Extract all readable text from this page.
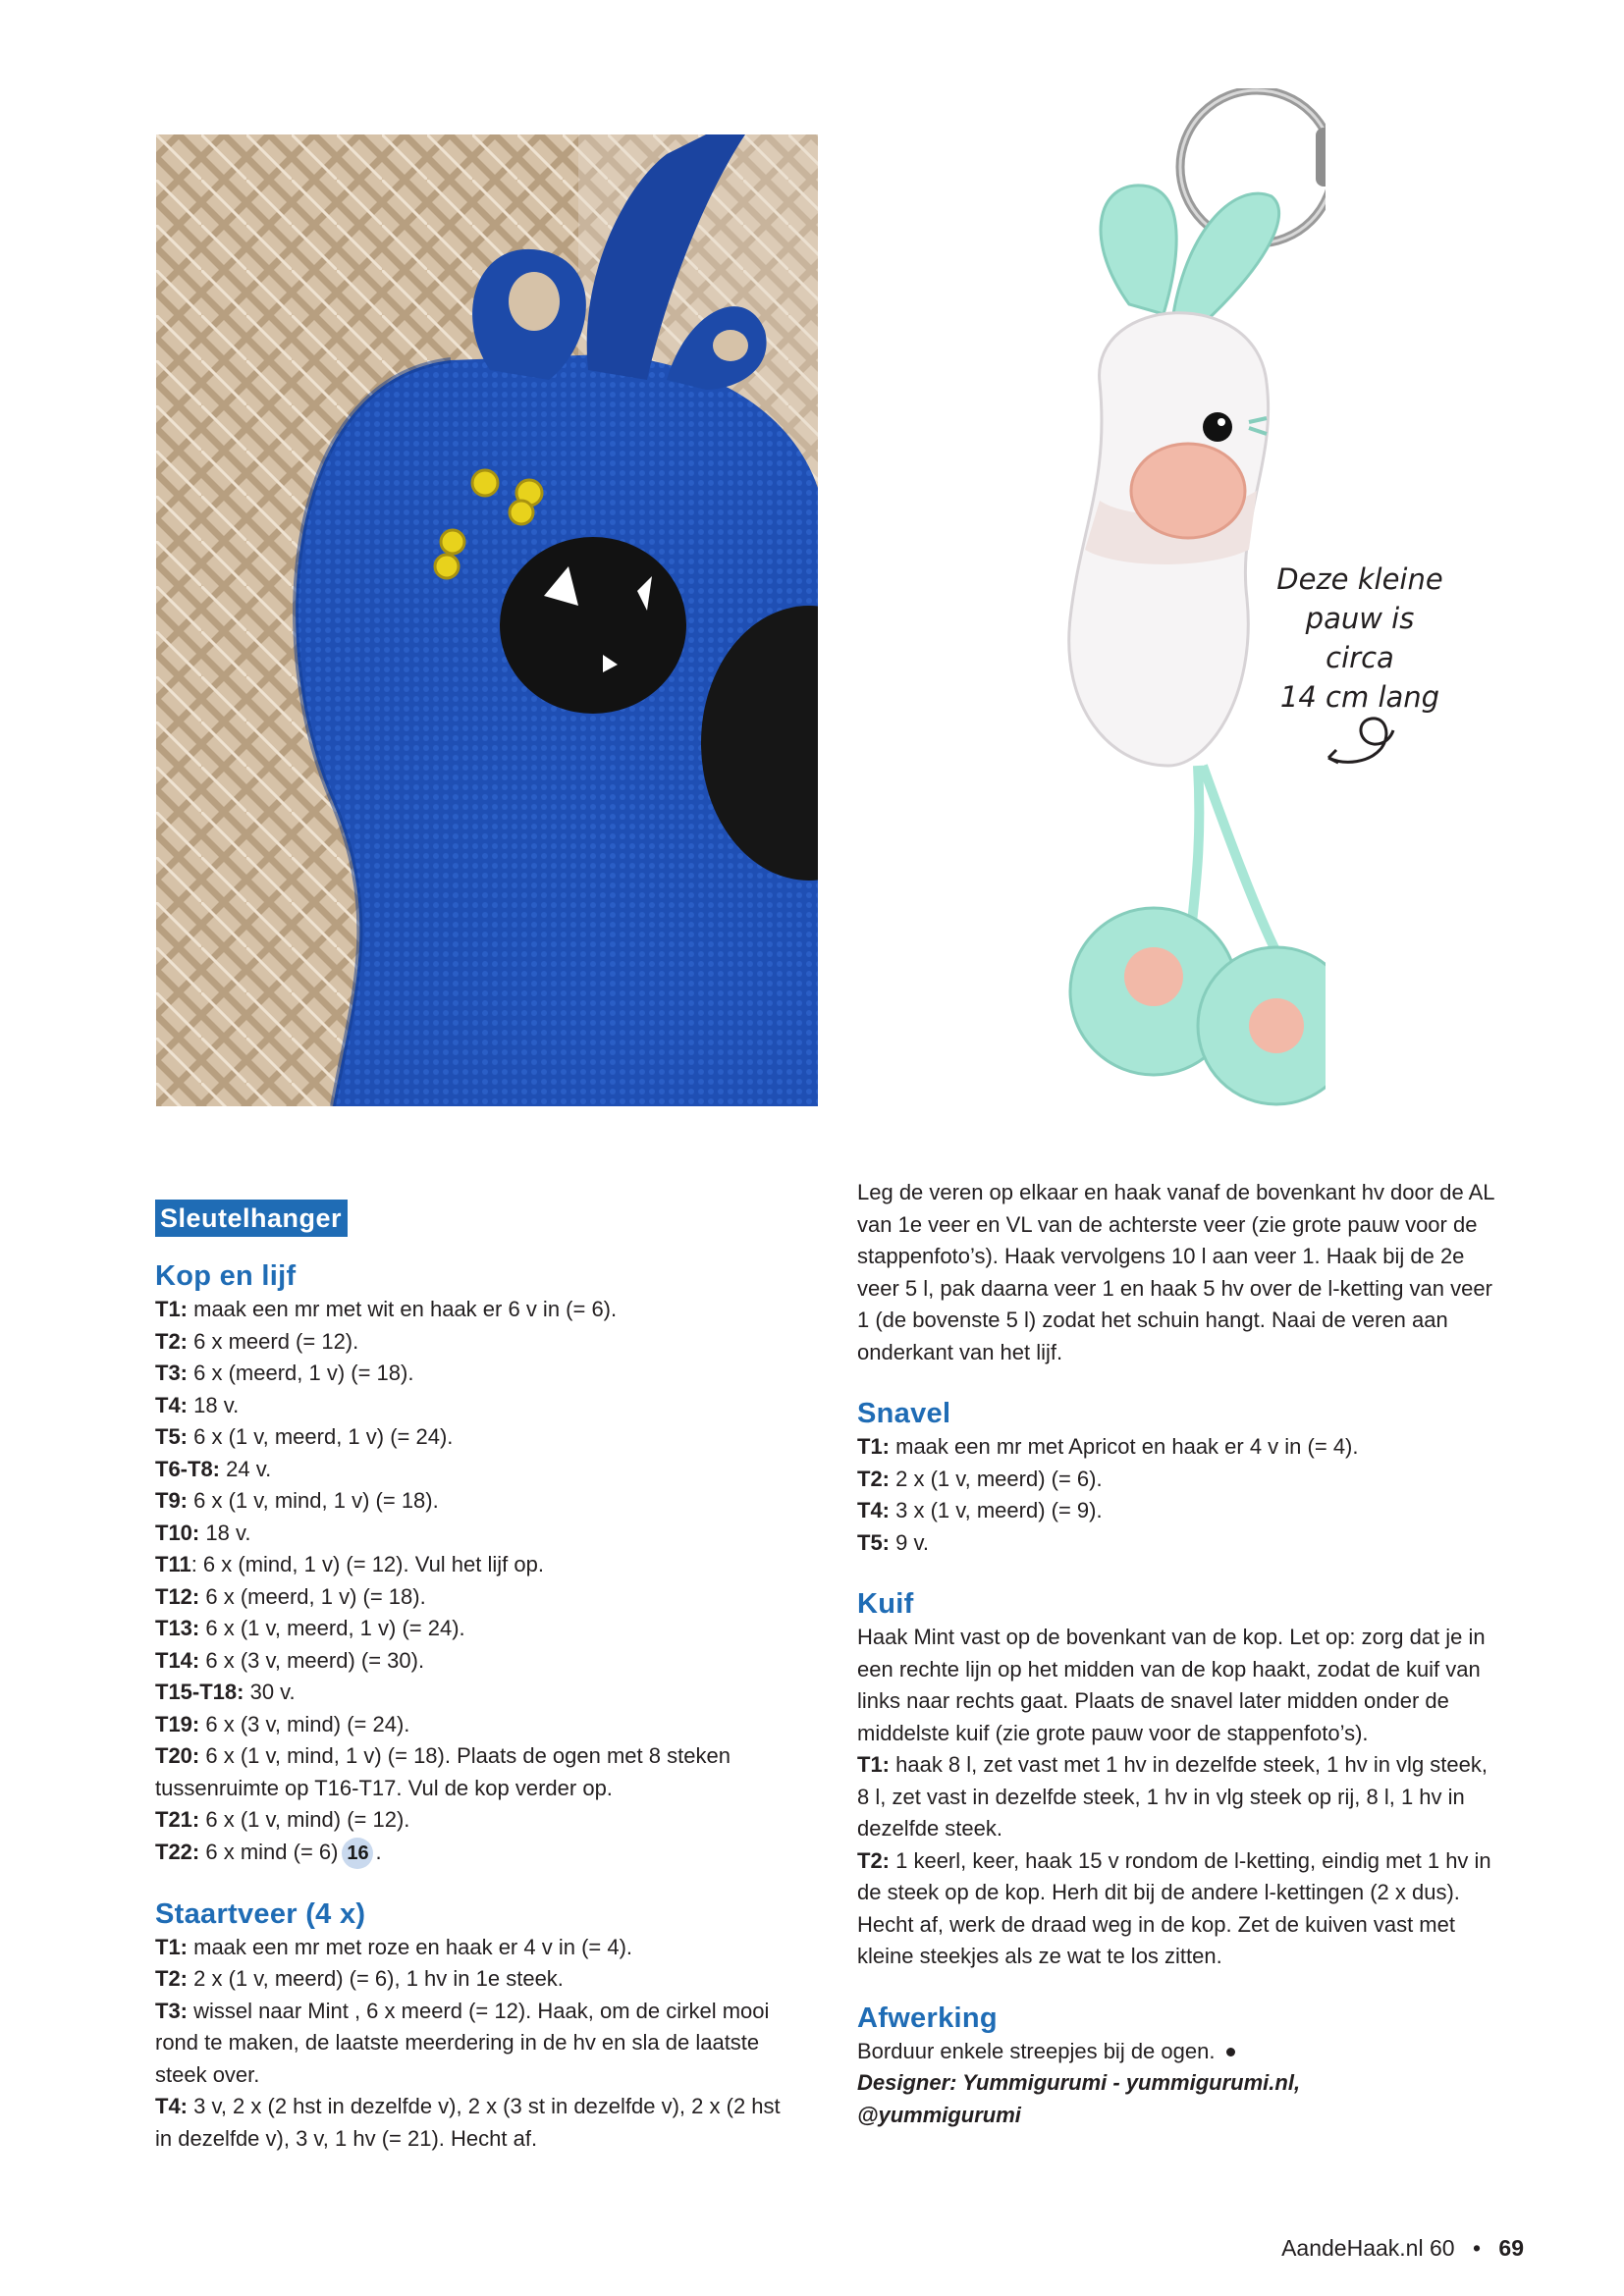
Deze kleine
pauw is circa
14 cm lang
Sleutelhanger
Kop en lijf

T1: maak een mr met wit en haak er 6 v in (= 6).

T2: 6 x meerd (= 12).

T3: 6 x (meerd, 1 v) (= 18).

T4: 18 v.

T5: 6 x (1 v, meerd, 1 v) (= 24).

T6-T8: 24 v.

T9: 6 x (1 v, mind, 1 v) (= 18).

T10: 18 v.

T11: 6 x (mind, 1 v) (= 12). Vul het lijf op.

T12: 6 x (meerd, 1 v) (= 18).

T13: 6 x (1 v, meerd, 1 v) (= 24).

T14: 6 x (3 v, meerd) (= 30).

T15-T18: 30 v.

T19: 6 x (3 v, mind) (= 24).

T20: 6 x (1 v, mind, 1 v) (= 18). Plaats de ogen met 8 steken tussenruimte op T16-T17. Vul de kop verder op.

T21: 6 x (1 v, mind) (= 12).

T22: 6 x mind (= 6) 16 .

Staartveer (4 x)

T1: maak een mr met roze en haak er 4 v in (= 4).

T2: 2 x (1 v, meerd) (= 6), 1 hv in 1e steek.

T3: wissel naar Mint , 6 x meerd (= 12). Haak, om de cirkel mooi rond te maken, de laatste meerdering in de hv en sla de laatste steek over.

T4: 3 v, 2 x (2 hst in dezelfde v), 2 x (3 st in dezelfde v), 2 x (2 hst in dezelfde v), 3 v, 1 hv (= 21). Hecht af.

Leg de veren op elkaar en haak vanaf de bovenkant hv door de AL van 1e veer en VL van de achterste veer (zie grote pauw voor de stappenfoto’s). Haak vervolgens 10 l aan veer 1. Haak bij de 2e veer 5 l, pak daarna veer 1 en haak 5 hv over de l-ketting van veer 1 (de bovenste 5 l) zodat het schuin hangt. Naai de veren aan onderkant van het lijf.

Snavel

T1: maak een mr met Apricot en haak er 4 v in (= 4).

T2: 2 x (1 v, meerd) (= 6).

T4: 3 x (1 v, meerd) (= 9).

T5: 9 v.

Kuif

Haak Mint vast op de bovenkant van de kop. Let op: zorg dat je in een rechte lijn op het midden van de kop haakt, zodat de kuif van links naar rechts gaat. Plaats de snavel later midden onder de middelste kuif (zie grote pauw voor de stappenfoto’s).

T1: haak 8 l, zet vast met 1 hv in dezelfde steek, 1 hv in vlg steek, 8 l, zet vast in dezelfde steek, 1 hv in vlg steek op rij, 8 l, 1 hv in dezelfde steek.

T2: 1 keerl, keer, haak 15 v rondom de l-ketting, eindig met 1 hv in de steek op de kop. Herh dit bij de andere l-kettingen (2 x dus). Hecht af, werk de draad weg in de kop. Zet de kuiven vast met kleine steekjes als ze wat te los zitten.

Afwerking

Borduur enkele streepjes bij de ogen.

Designer: Yummigurumi - yummigurumi.nl,

@yummigurumi

AandeHaak.nl 60 • 69
